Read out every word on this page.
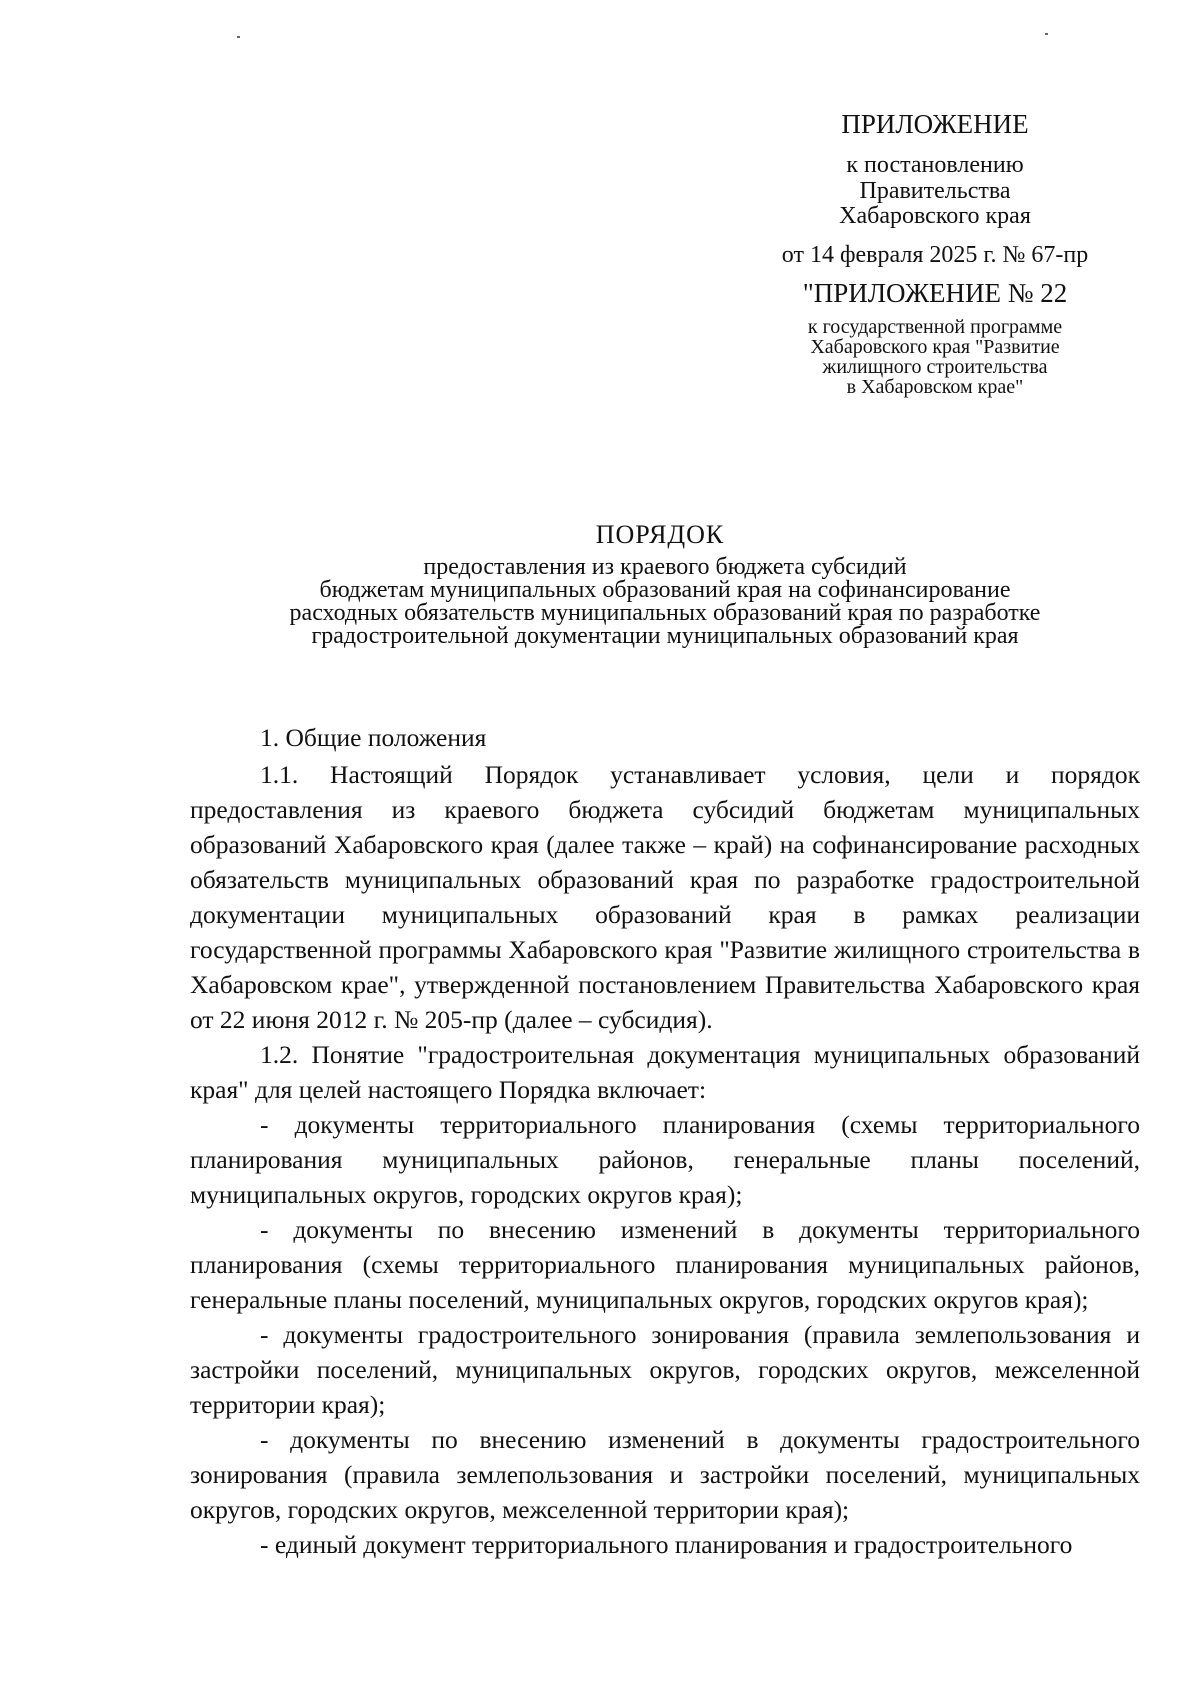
ПРИЛОЖЕНИЕ
к постановлению
Правительства
Хабаровского края
от 14 февраля 2025 г. № 67-пр
"ПРИЛОЖЕНИЕ № 22
к государственной программе
Хабаровского края "Развитие
жилищного строительства
в Хабаровском крае"
ПОРЯДОК
предоставления из краевого бюджета субсидий
бюджетам муниципальных образований края на софинансирование
расходных обязательств муниципальных образований края по разработке
градостроительной документации муниципальных образований края
1. Общие положения

1.1. Настоящий Порядок устанавливает условия, цели и порядок предоставления из краевого бюджета субсидий бюджетам муниципальных образований Хабаровского края (далее также – край) на софинансирование расходных обязательств муниципальных образований края по разработке градостроительной документации муниципальных образований края в рамках реализации государственной программы Хабаровского края "Развитие жилищного строительства в Хабаровском крае", утвержденной постановлением Правительства Хабаровского края от 22 июня 2012 г. № 205-пр (далее – субсидия).

1.2. Понятие "градостроительная документация муниципальных образований края" для целей настоящего Порядка включает:

- документы территориального планирования (схемы территориального планирования муниципальных районов, генеральные планы поселений, муниципальных округов, городских округов края);

- документы по внесению изменений в документы территориального планирования (схемы территориального планирования муниципальных районов, генеральные планы поселений, муниципальных округов, городских округов края);

- документы градостроительного зонирования (правила землепользования и застройки поселений, муниципальных округов, городских округов, межселенной территории края);

- документы по внесению изменений в документы градостроительного зонирования (правила землепользования и застройки поселений, муниципальных округов, городских округов, межселенной территории края);

- единый документ территориального планирования и градостроительного
